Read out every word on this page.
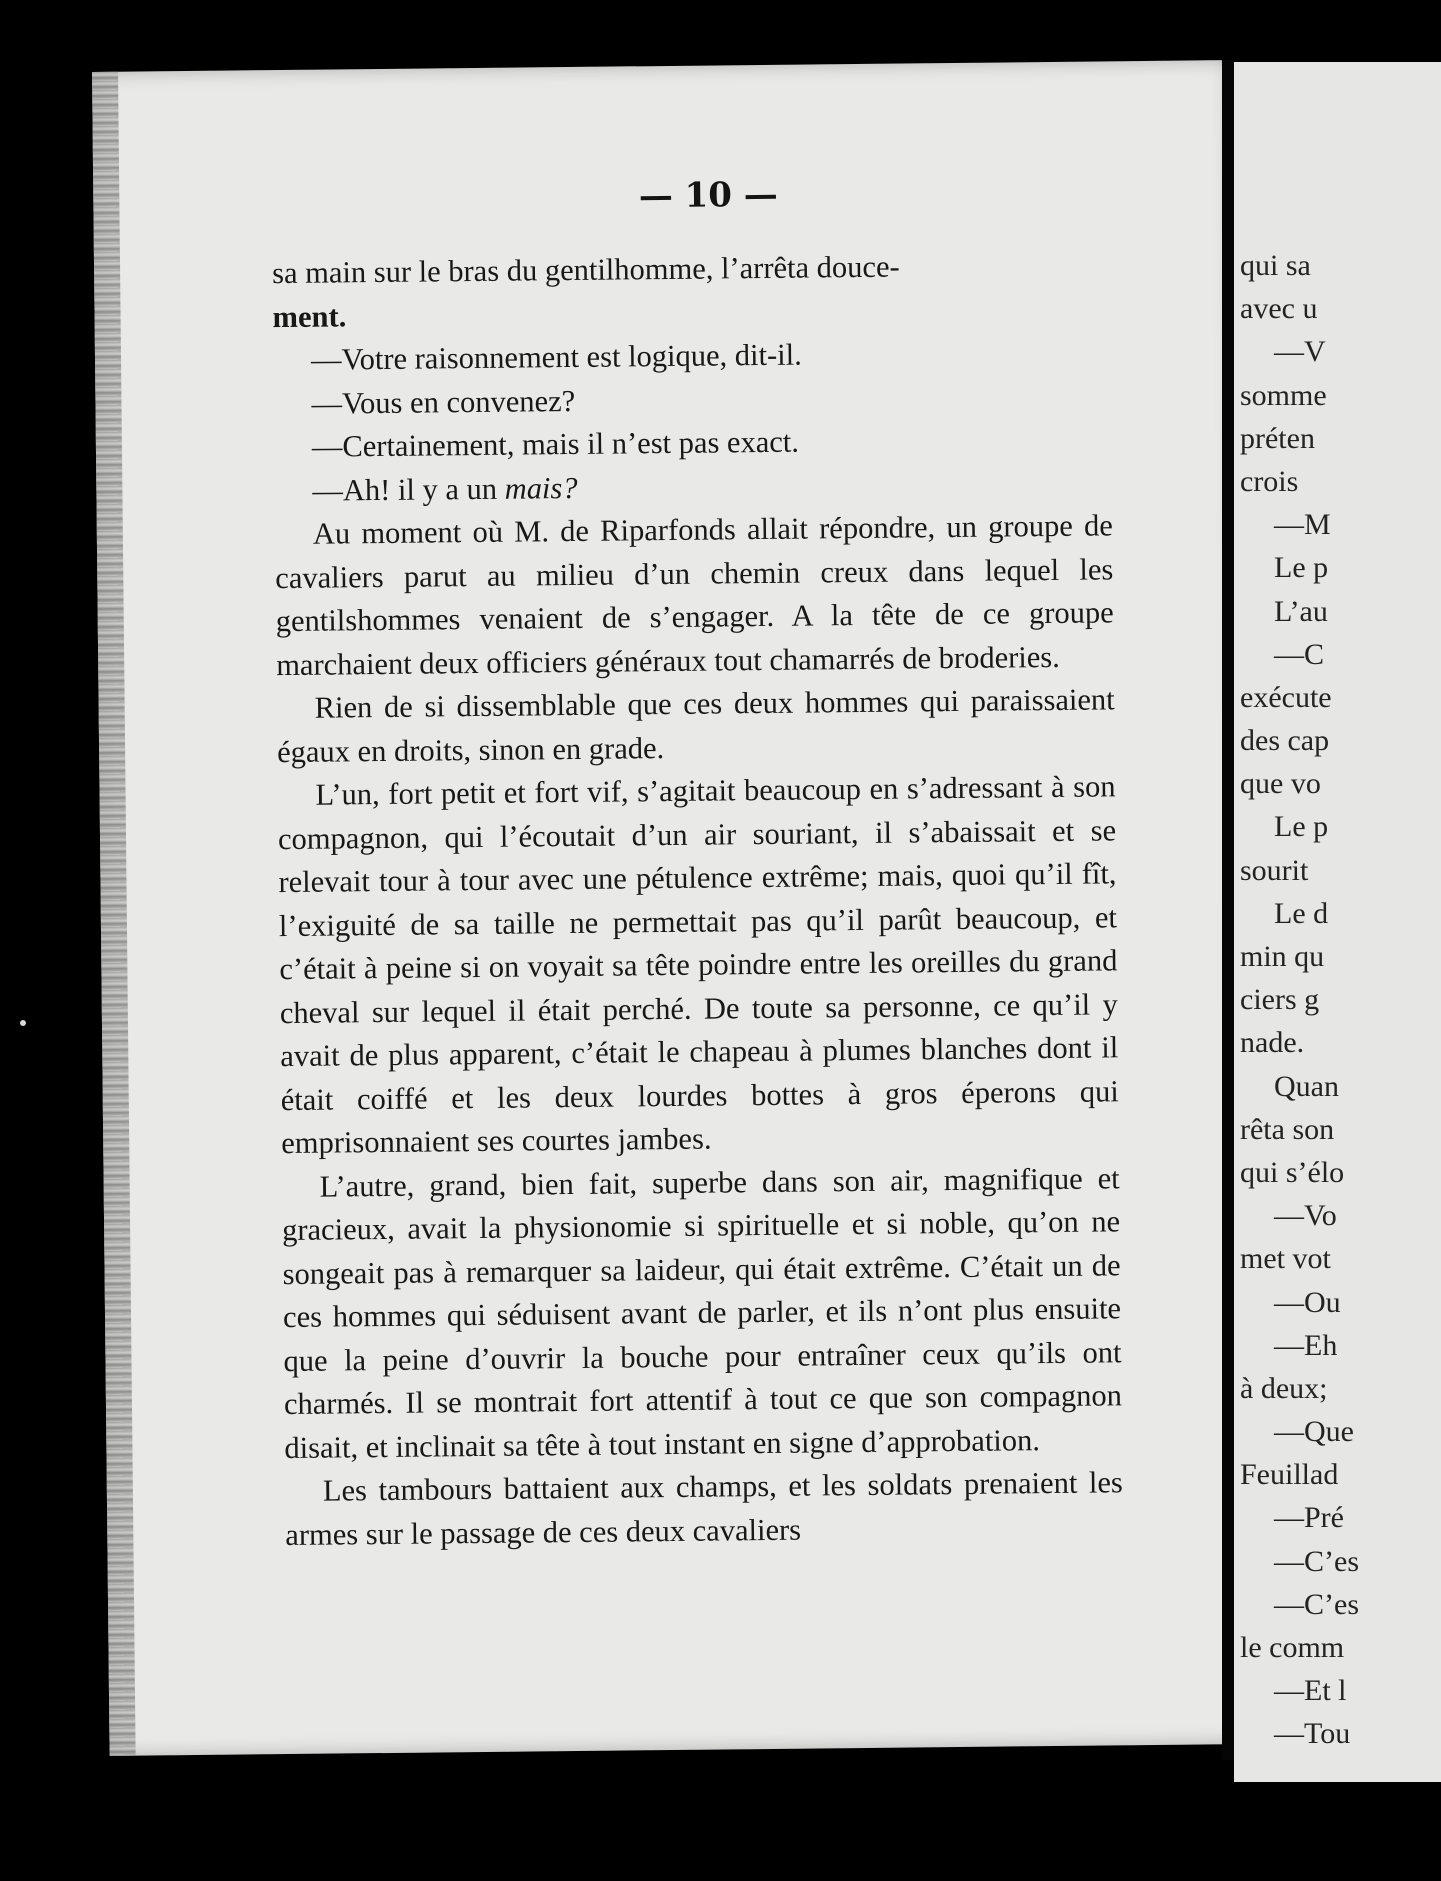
— 10 —

sa main sur le bras du gentilhomme, l’arrêta douce-
ment.

—Votre raisonnement est logique, dit-il.

—Vous en convenez?

—Certainement, mais il n’est pas exact.

—Ah! il y a un mais?

Au moment où M. de Riparfonds allait répondre, un groupe de cavaliers parut au milieu d’un chemin creux dans lequel les gentilshommes venaient de s’engager. A la tête de ce groupe marchaient deux officiers généraux tout chamarrés de broderies.

Rien de si dissemblable que ces deux hommes qui paraissaient égaux en droits, sinon en grade.

L’un, fort petit et fort vif, s’agitait beaucoup en s’adressant à son compagnon, qui l’écoutait d’un air souriant, il s’abaissait et se relevait tour à tour avec une pétulence extrême; mais, quoi qu’il fît, l’exiguité de sa taille ne permettait pas qu’il parût beaucoup, et c’était à peine si on voyait sa tête poindre entre les oreilles du grand cheval sur lequel il était perché. De toute sa personne, ce qu’il y avait de plus apparent, c’était le chapeau à plumes blanches dont il était coiffé et les deux lourdes bottes à gros éperons qui emprisonnaient ses courtes jambes.

L’autre, grand, bien fait, superbe dans son air, magnifique et gracieux, avait la physionomie si spirituelle et si noble, qu’on ne songeait pas à remarquer sa laideur, qui était extrême. C’était un de ces hommes qui séduisent avant de parler, et ils n’ont plus ensuite que la peine d’ouvrir la bouche pour entraîner ceux qu’ils ont charmés. Il se montrait fort attentif à tout ce que son compagnon disait, et inclinait sa tête à tout instant en signe d’approbation.

Les tambours battaient aux champs, et les soldats prenaient les armes sur le passage de ces deux cavaliers

qui sa
avec u
—V
somme
préten
crois
—M
Le p
L’au
—C
exécute
des cap
que vo
Le p
sourit
Le d
min qu
ciers g
nade.
Quan
rêta son
qui s’élo
—Vo
met vot
—Ou
—Eh
à deux;
—Que
Feuillad
—Pré
—C’es
—C’es
le comm
—Et l
—Tou
